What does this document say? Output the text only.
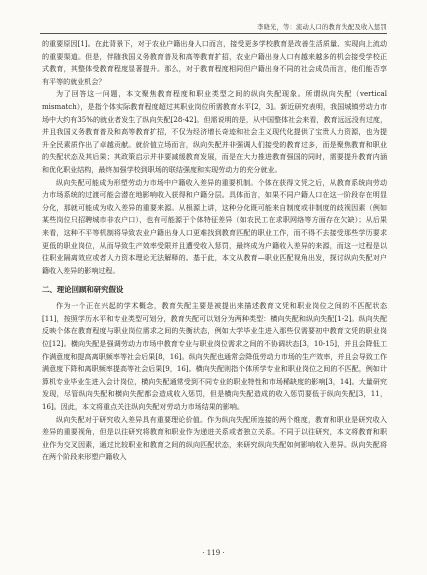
李晓光，等：流动人口的教育失配及收入惩罚

的重要原因[1]。在此背景下，对于农业户籍出身人口而言，接受更多学校教育是改善生活质量、实现向上流动的重要渠道。但是，伴随我国义务教育普及和高等教育扩招，农业户籍出身人口有越来越多的机会接受学校正式教育，其整体受教育程度显著提升。那么，对于教育程度相同但户籍出身不同的社会成员而言，他们能否享有平等的就业机会？

为了回答这一问题，本文聚焦教育程度和职业类型之间的纵向失配现象。所谓纵向失配（vertical mismatch），是指个体实际教育程度超过其职业岗位所需教育水平[2，3]。新近研究表明，我国城镇劳动力市场中大约有35%的就业者发生了纵向失配[28-42]。但需说明的是，从中国整体社会来看，教育远远没有过度，并且我国义务教育普及和高等教育扩招，不仅为经济增长奇迹和社会主义现代化提供了宝贵人力资源，也为提升全民素质作出了卓越贡献。就价值立场而言，纵向失配并非强调人们接受的教育过多，而是聚焦教育和职业的失配状态及其后果；其政策启示并非要减缓教育发展，而是在大力推进教育强国的同时，需要提升教育内涵和优化职业结构，最终加强学校到职场的联结强度和实现劳动力的充分就业。

纵向失配可能成为形塑劳动力市场中户籍收入差异的重要机制。个体在获得文凭之后，从教育系统向劳动力市场系统的过渡可能会潜在地影响收入获得和户籍分层。具体而言，如果不同户籍人口在这一阶段存在明显分化，那就可能成为收入差异的重要来源。从根源上讲，这种分化既可能来自制度或非制度的歧视因素（例如某些岗位只招聘城市非农户口），也有可能源于个体特征差异（如农民工在求职网络等方面存在欠缺）；从后果来看，这种不平等机制将导致农业户籍出身人口更难找到教育匹配的职业工作，而不得不去接受那些学历要求更低的职业岗位，从而导致生产效率受限并且遭受收入惩罚，最终成为户籍收入差异的来源，而这一过程是以往职业隔离效应或者人力资本理论无法解释的。基于此，本文从教育—职业匹配视角出发，探讨纵向失配对户籍收入差异的影响过程。

二、理论回顾和研究假设

作为一个正在兴起的学术概念，教育失配主要是被提出来描述教育文凭和职业岗位之间的不匹配状态[11]，按照学历水平和专业类型可划分，教育失配可以划分为两种类型：横向失配和纵向失配[1-2]。纵向失配反映个体在教育程度与职业岗位需求之间的失衡状态，例如大学毕业生进入那些仅需要初中教育文凭的职业岗位[12]。横向失配是强调劳动力市场中教育专业与职业岗位需求之间的不协调状态[3，10-15]，并且会降低工作满意度和提高离职频率等社会后果[8，16]。纵向失配也通常会降低劳动力市场的生产效率，并且会导致工作满意度下降和离职频率提高等社会后果[9，16]。横向失配则指个体所学专业和职业岗位之间的不匹配，例如计算机专业毕业生进入会计岗位，横向失配通常受到不同专业的职业特性和市场稀缺度的影响[3，14]。大量研究发现，尽管纵向失配和横向失配都会造成收入惩罚，但是横向失配造成的收入惩罚要低于纵向失配[3，11，16]。因此，本文将重点关注纵向失配对劳动力市场结果的影响。

纵向失配对于研究收入差异具有重要理论价值。作为纵向失配所连接的两个维度，教育和职业是研究收入差异的重要视角，但是以往研究将教育和职业作为递进关系或者独立关系。不同于以往研究，本文将教育和职业作为交叉因素，通过比较职业和教育之间的纵向匹配状态，来研究纵向失配如何影响收入差异。纵向失配将在两个阶段来形塑户籍收入

· 119 ·
